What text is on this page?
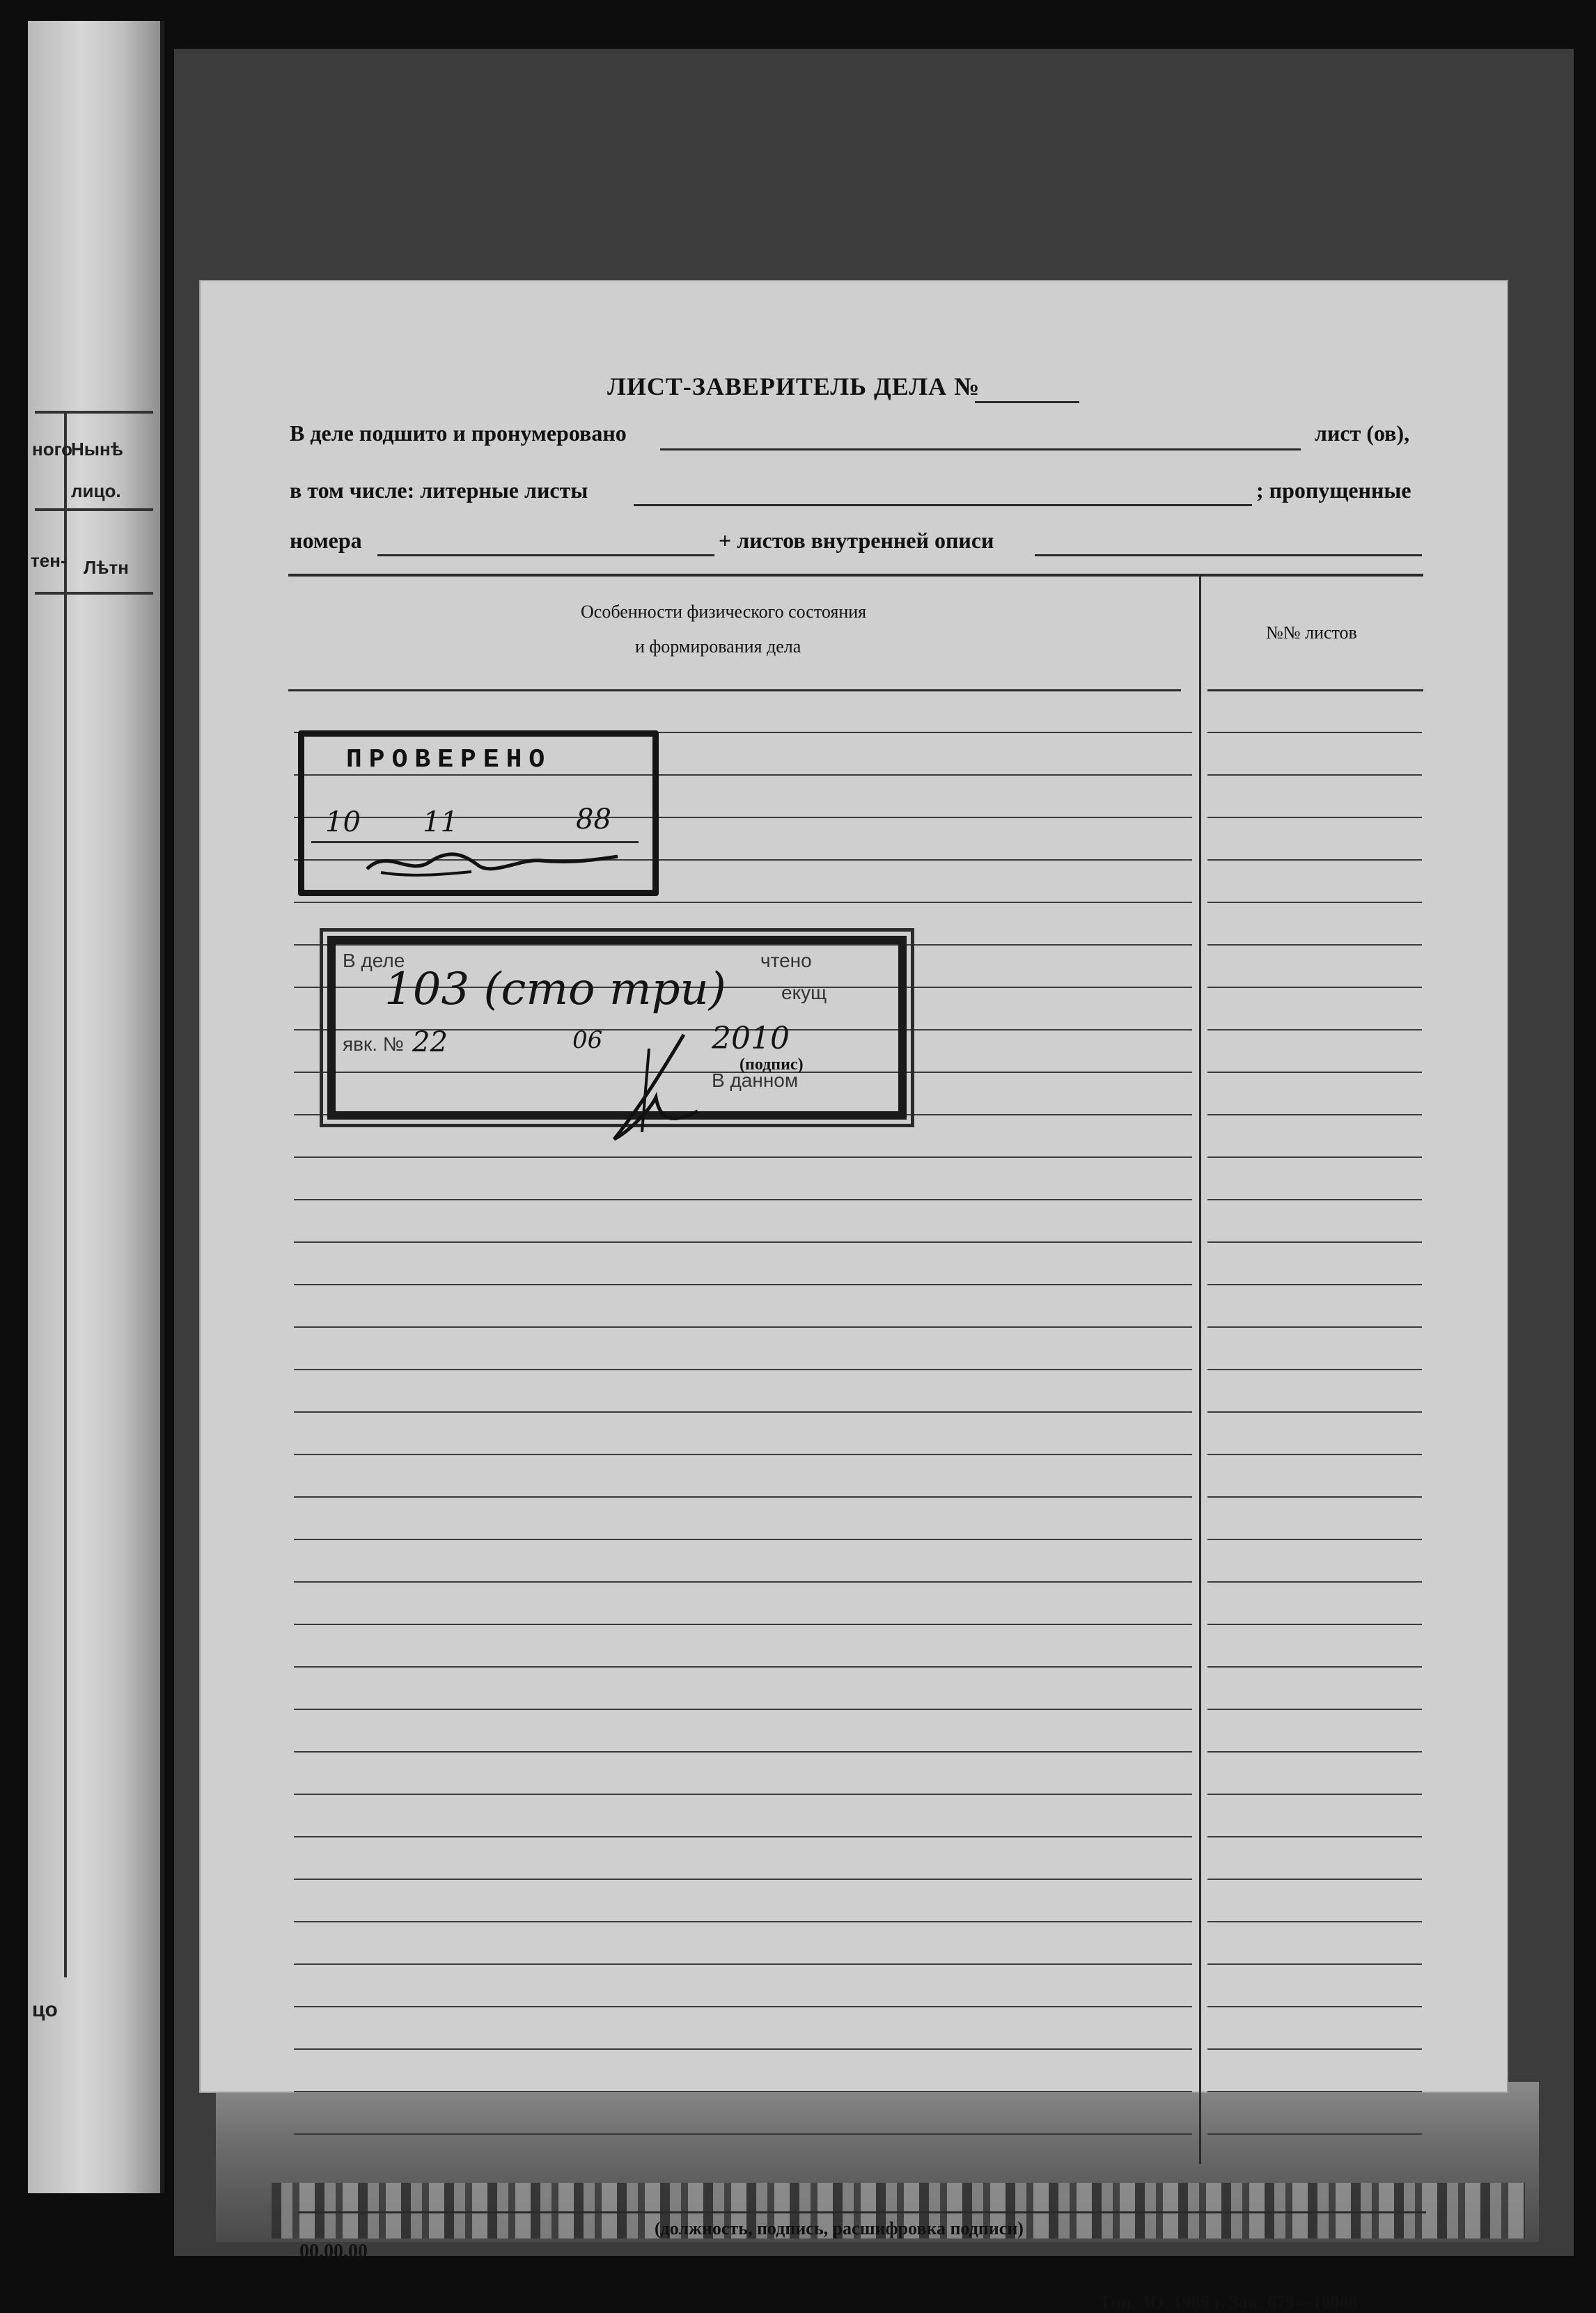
ного
Нынѣ
лицо.
тен- Лѣтн
цо
ЛИСТ-ЗАВЕРИТЕЛЬ ДЕЛА №
В деле подшито и пронумеровано	лист (ов),
в том числе: литерные листы	; пропущенные
номера	+ листов внутренней описи
Особенности физического состояния
и формирования дела
№№ листов
ПРОВЕРЕНО
10 11	88
В деле	чтено
екущ
явк. №
В данном
103 (сто три)
22	06	2010
(подпис)
(должность, подпись, расшифровка подписи)
00.00.00
Тип. ЗО. 1986 г. Зак. 679—10000
